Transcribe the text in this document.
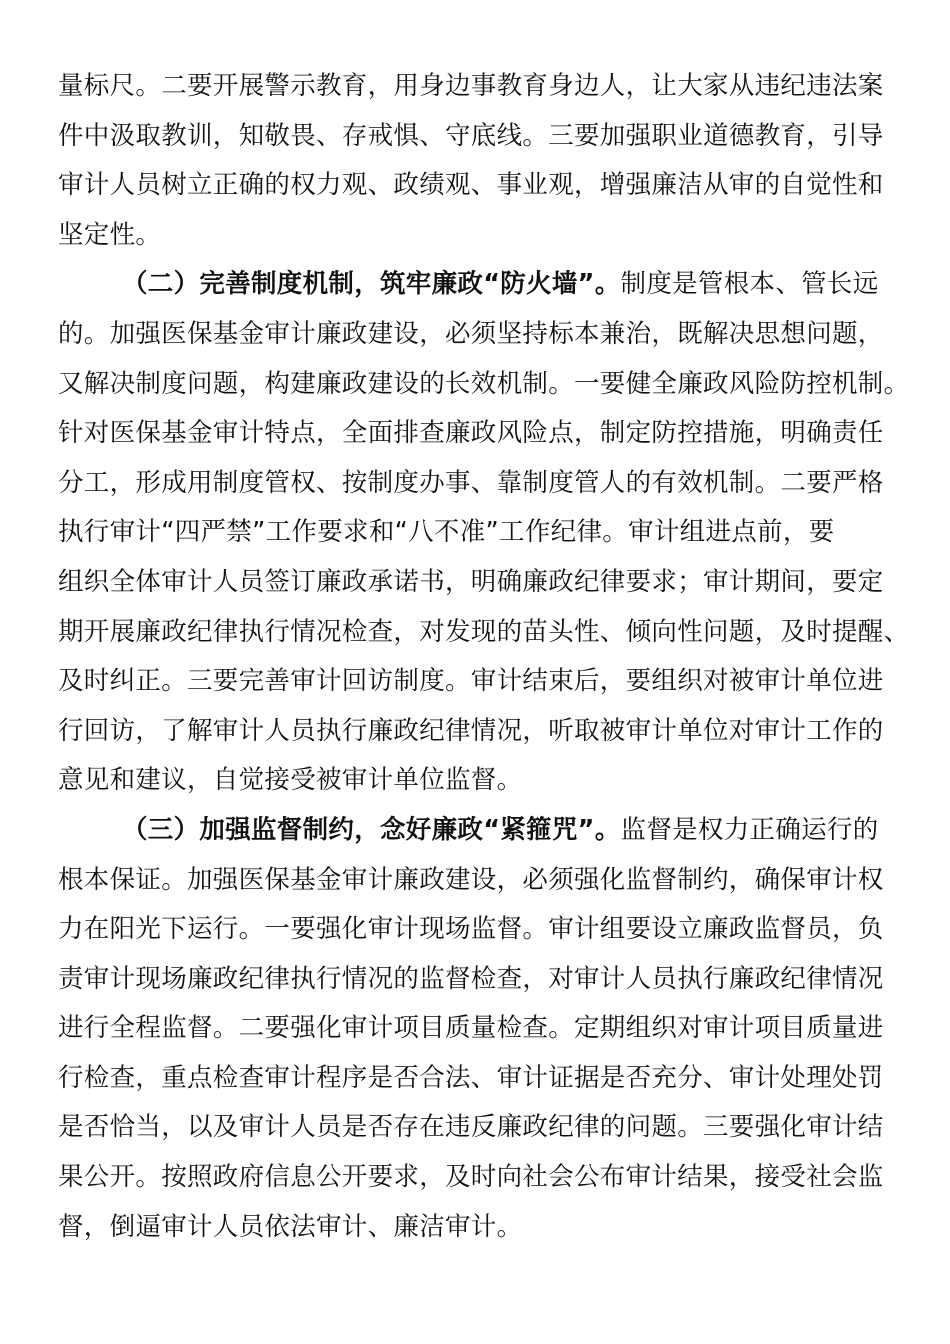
量标尺。二要开展警示教育，用身边事教育身边人，让大家从违纪违法案
件中汲取教训，知敬畏、存戒惧、守底线。三要加强职业道德教育，引导
审计人员树立正确的权力观、政绩观、事业观，增强廉洁从审的自觉性和
坚定性。
（二）完善制度机制，筑牢廉政“防火墙”。制度是管根本、管长远
的。加强医保基金审计廉政建设，必须坚持标本兼治，既解决思想问题，
又解决制度问题，构建廉政建设的长效机制。一要健全廉政风险防控机制。
针对医保基金审计特点，全面排查廉政风险点，制定防控措施，明确责任
分工，形成用制度管权、按制度办事、靠制度管人的有效机制。二要严格
执行审计“四严禁”工作要求和“八不准”工作纪律。审计组进点前，要
组织全体审计人员签订廉政承诺书，明确廉政纪律要求；审计期间，要定
期开展廉政纪律执行情况检查，对发现的苗头性、倾向性问题，及时提醒、
及时纠正。三要完善审计回访制度。审计结束后，要组织对被审计单位进
行回访，了解审计人员执行廉政纪律情况，听取被审计单位对审计工作的
意见和建议，自觉接受被审计单位监督。
（三）加强监督制约，念好廉政“紧箍咒”。监督是权力正确运行的
根本保证。加强医保基金审计廉政建设，必须强化监督制约，确保审计权
力在阳光下运行。一要强化审计现场监督。审计组要设立廉政监督员，负
责审计现场廉政纪律执行情况的监督检查，对审计人员执行廉政纪律情况
进行全程监督。二要强化审计项目质量检查。定期组织对审计项目质量进
行检查，重点检查审计程序是否合法、审计证据是否充分、审计处理处罚
是否恰当，以及审计人员是否存在违反廉政纪律的问题。三要强化审计结
果公开。按照政府信息公开要求，及时向社会公布审计结果，接受社会监
督，倒逼审计人员依法审计、廉洁审计。
